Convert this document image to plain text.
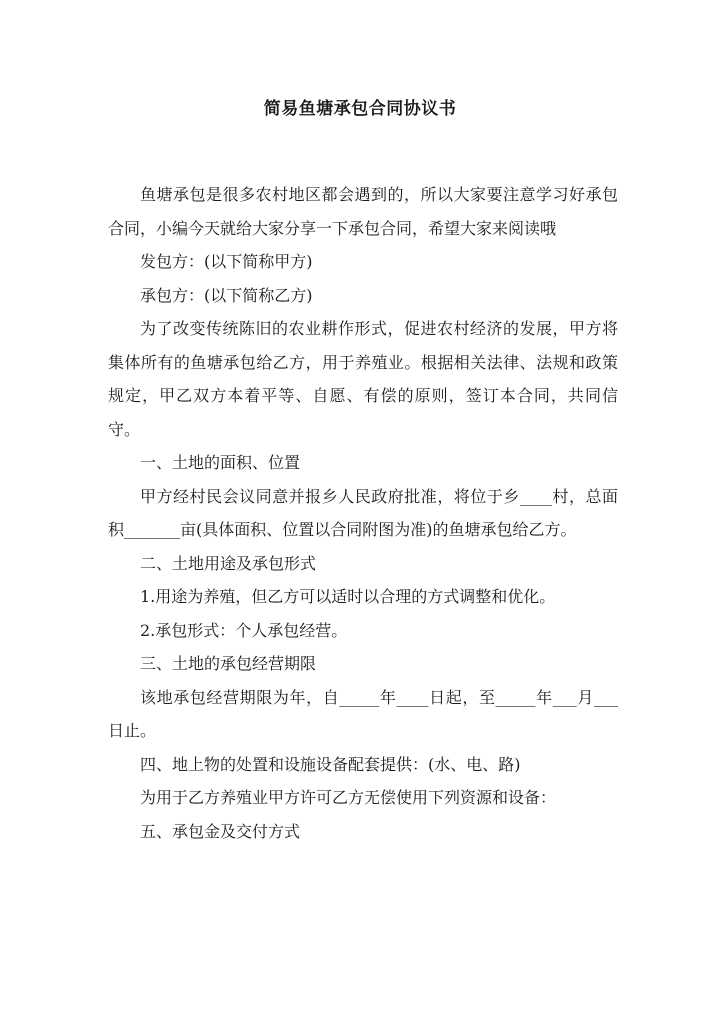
简易鱼塘承包合同协议书

鱼塘承包是很多农村地区都会遇到的，所以大家要注意学习好承包合同，小编今天就给大家分享一下承包合同，希望大家来阅读哦

发包方：(以下简称甲方)

承包方：(以下简称乙方)

为了改变传统陈旧的农业耕作形式，促进农村经济的发展，甲方将集体所有的鱼塘承包给乙方，用于养殖业。根据相关法律、法规和政策规定，甲乙双方本着平等、自愿、有偿的原则，签订本合同，共同信守。

一、土地的面积、位置

甲方经村民会议同意并报乡人民政府批准，将位于乡____村，总面积_______亩(具体面积、位置以合同附图为准)的鱼塘承包给乙方。

二、土地用途及承包形式

1.用途为养殖，但乙方可以适时以合理的方式调整和优化。

2.承包形式：个人承包经营。

三、土地的承包经营期限

该地承包经营期限为年，自_____年____日起，至_____年___月___日止。

四、地上物的处置和设施设备配套提供：(水、电、路)

为用于乙方养殖业甲方许可乙方无偿使用下列资源和设备：

五、承包金及交付方式
